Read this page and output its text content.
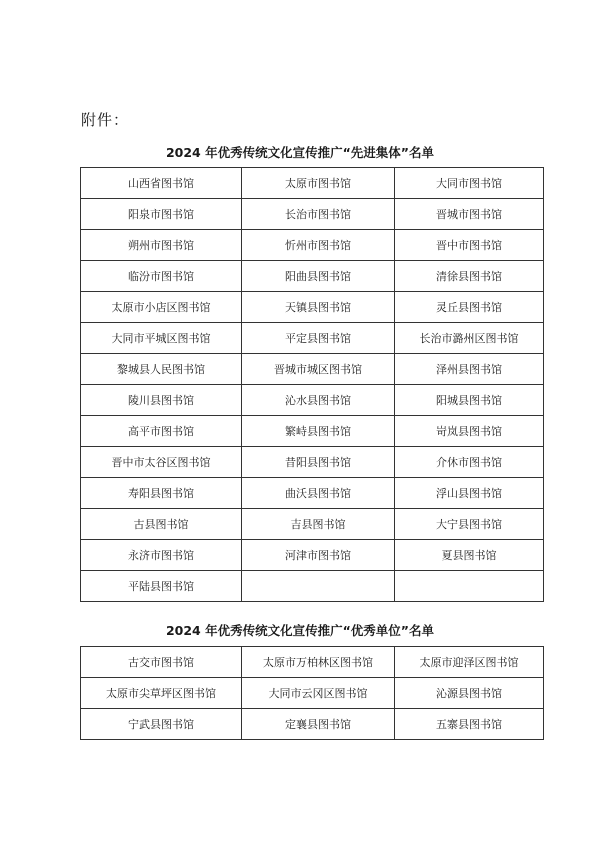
附件：
2024 年优秀传统文化宣传推广“先进集体”名单
山西省图书馆	太原市图书馆	大同市图书馆
阳泉市图书馆	长治市图书馆	晋城市图书馆
朔州市图书馆	忻州市图书馆	晋中市图书馆
临汾市图书馆	阳曲县图书馆	清徐县图书馆
太原市小店区图书馆	天镇县图书馆	灵丘县图书馆
大同市平城区图书馆	平定县图书馆	长治市潞州区图书馆
黎城县人民图书馆	晋城市城区图书馆	泽州县图书馆
陵川县图书馆	沁水县图书馆	阳城县图书馆
高平市图书馆	繁峙县图书馆	岢岚县图书馆
晋中市太谷区图书馆	昔阳县图书馆	介休市图书馆
寿阳县图书馆	曲沃县图书馆	浮山县图书馆
古县图书馆	吉县图书馆	大宁县图书馆
永济市图书馆	河津市图书馆	夏县图书馆
平陆县图书馆		
2024 年优秀传统文化宣传推广“优秀单位”名单
古交市图书馆	太原市万柏林区图书馆	太原市迎泽区图书馆
太原市尖草坪区图书馆	大同市云冈区图书馆	沁源县图书馆
宁武县图书馆	定襄县图书馆	五寨县图书馆
